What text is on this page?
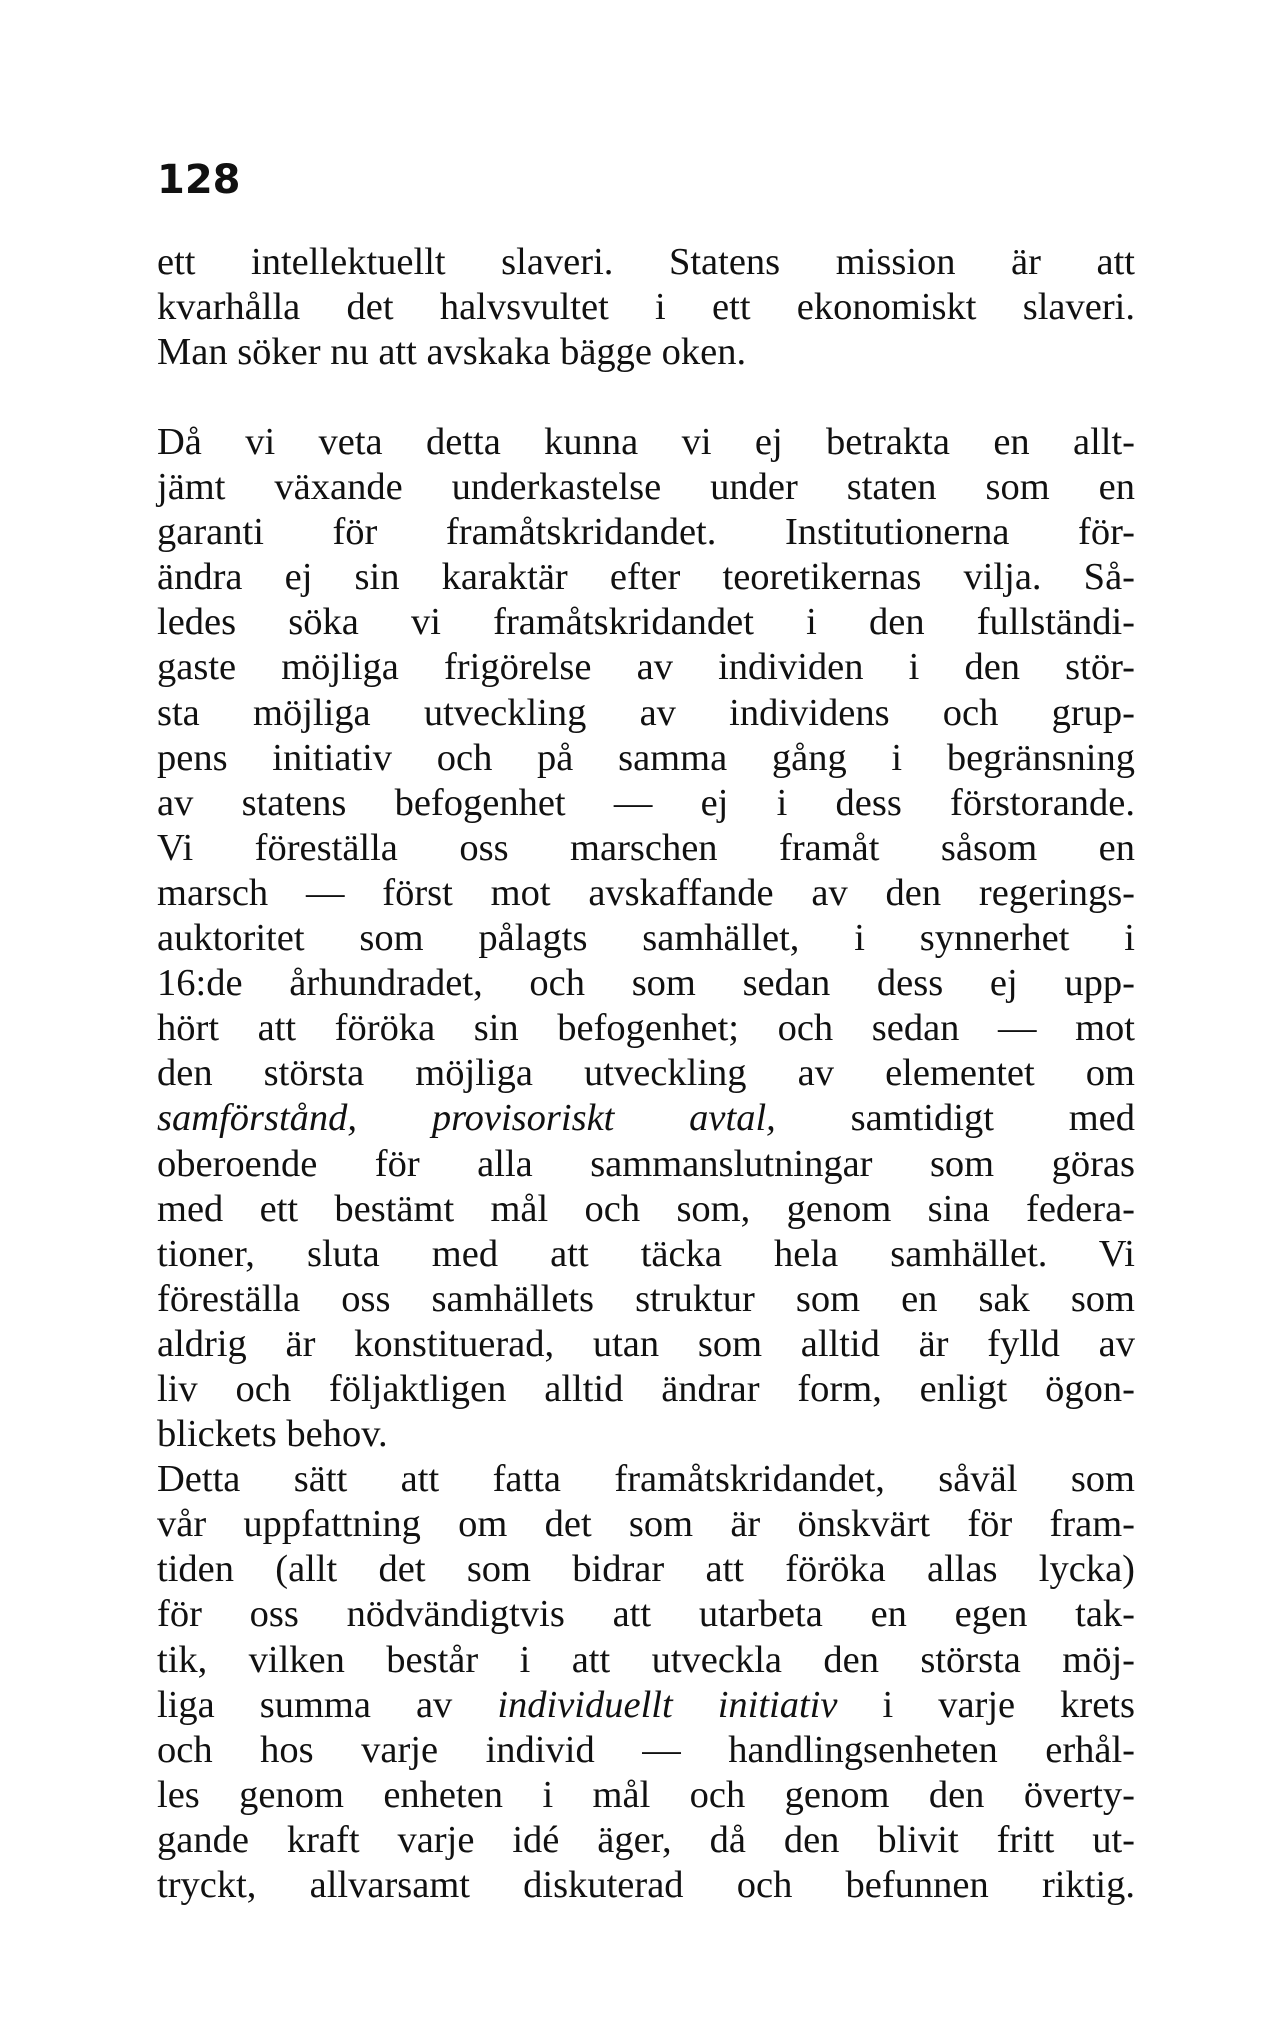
128

ett intellektuellt slaveri. Statens mission är att

kvarhålla det halvsvultet i ett ekonomiskt slaveri.

Man söker nu att avskaka bägge oken.

Då vi veta detta kunna vi ej betrakta en allt-

jämt växande underkastelse under staten som en

garanti för framåtskridandet. Institutionerna för-

ändra ej sin karaktär efter teoretikernas vilja. Så-

ledes söka vi framåtskridandet i den fullständi-

gaste möjliga frigörelse av individen i den stör-

sta möjliga utveckling av individens och grup-

pens initiativ och på samma gång i begränsning

av statens befogenhet — ej i dess förstorande.

Vi föreställa oss marschen framåt såsom en

marsch — först mot avskaffande av den regerings-

auktoritet som pålagts samhället, i synnerhet i

16:de århundradet, och som sedan dess ej upp-

hört att föröka sin befogenhet; och sedan — mot

den största möjliga utveckling av elementet om

samförstånd, provisoriskt avtal, samtidigt med

oberoende för alla sammanslutningar som göras

med ett bestämt mål och som, genom sina federa-

tioner, sluta med att täcka hela samhället. Vi

föreställa oss samhällets struktur som en sak som

aldrig är konstituerad, utan som alltid är fylld av

liv och följaktligen alltid ändrar form, enligt ögon-

blickets behov.

Detta sätt att fatta framåtskridandet, såväl som

vår uppfattning om det som är önskvärt för fram-

tiden (allt det som bidrar att föröka allas lycka)

för oss nödvändigtvis att utarbeta en egen tak-

tik, vilken består i att utveckla den största möj-

liga summa av individuellt initiativ i varje krets

och hos varje individ — handlingsenheten erhål-

les genom enheten i mål och genom den överty-

gande kraft varje idé äger, då den blivit fritt ut-

tryckt, allvarsamt diskuterad och befunnen riktig.
